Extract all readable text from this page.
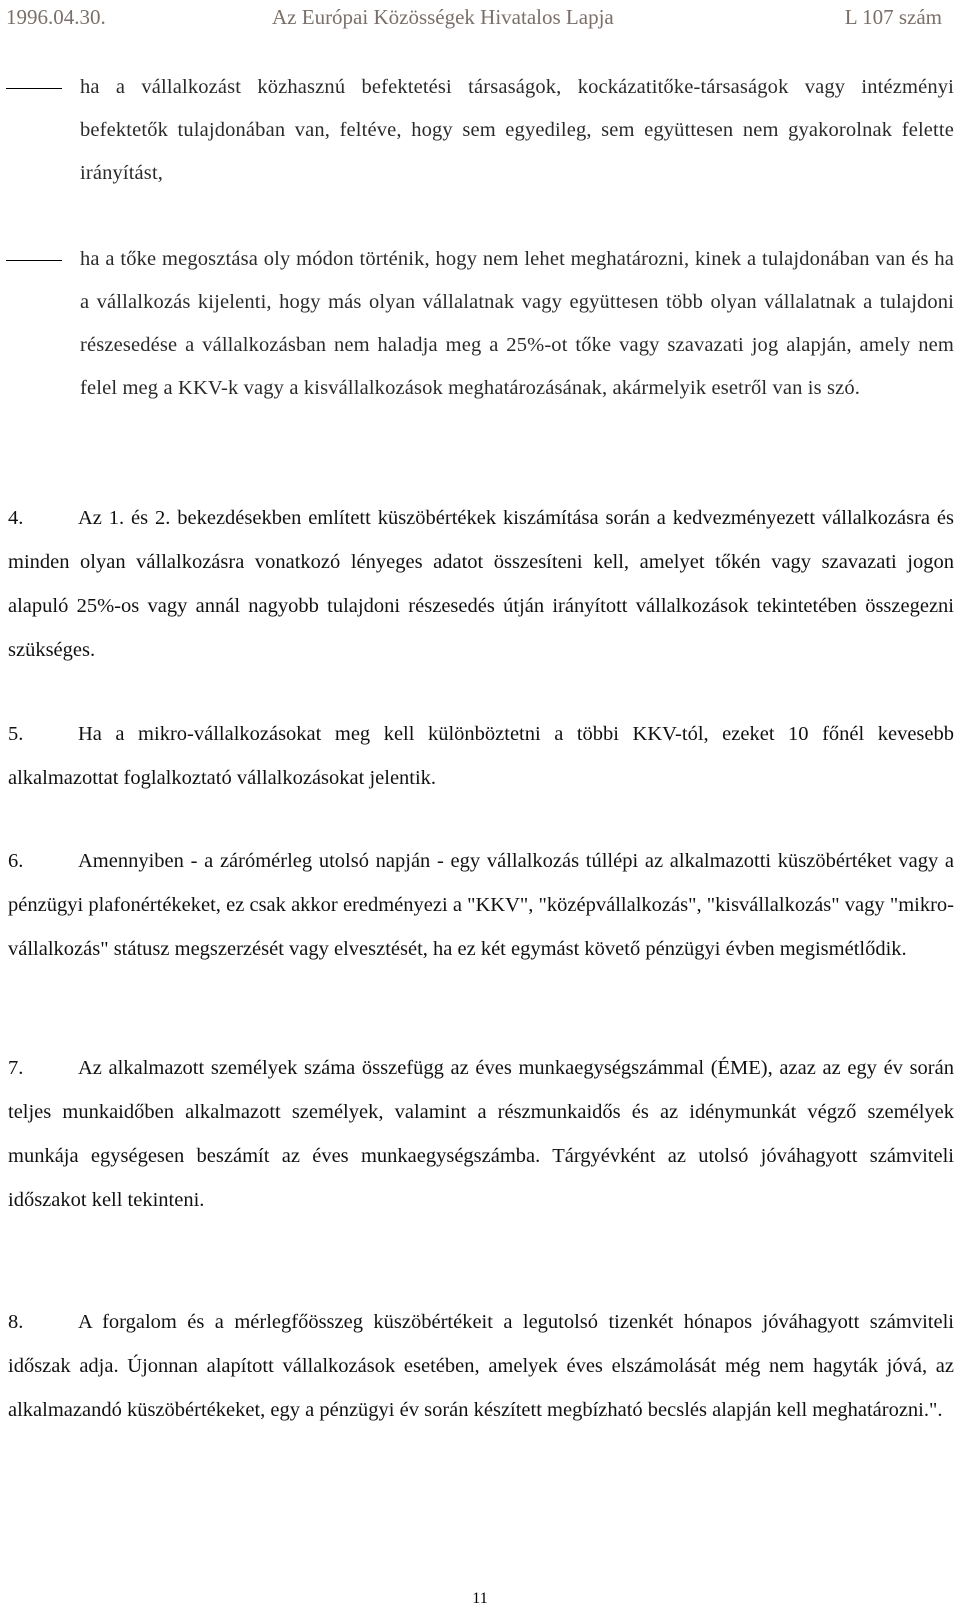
1996.04.30.	Az Európai Közösségek Hivatalos Lapja	L 107 szám
ha a vállalkozást közhasznú befektetési társaságok, kockázatitőke-társaságok vagy intézményi befektetők tulajdonában van, feltéve, hogy sem egyedileg, sem együttesen nem gyakorolnak felette irányítást,
ha a tőke megosztása oly módon történik, hogy nem lehet meghatározni, kinek a tulajdonában van és ha a vállalkozás kijelenti, hogy más olyan vállalatnak vagy együttesen több olyan vállalatnak a tulajdoni részesedése a vállalkozásban nem haladja meg a 25%-ot tőke vagy szavazati jog alapján, amely nem felel meg a KKV-k vagy a kisvállalkozások meghatározásának, akármelyik esetről van is szó.
4.	Az 1. és 2. bekezdésekben említett küszöbértékek kiszámítása során a kedvezményezett vállalkozásra és minden olyan vállalkozásra vonatkozó lényeges adatot összesíteni kell, amelyet tőkén vagy szavazati jogon alapuló 25%-os vagy annál nagyobb tulajdoni részesedés útján irányított vállalkozások tekintetében összegezni szükséges.
5.	Ha a mikro-vállalkozásokat meg kell különböztetni a többi KKV-tól, ezeket 10 főnél kevesebb alkalmazottat foglalkoztató vállalkozásokat jelentik.
6.	Amennyiben - a zárómérleg utolsó napján - egy vállalkozás túllépi az alkalmazotti küszöbértéket vagy a pénzügyi plafonértékeket, ez csak akkor eredményezi a "KKV", "középvállalkozás", "kisvállalkozás" vagy "mikro-vállalkozás" státusz megszerzését vagy elvesztését, ha ez két egymást követő pénzügyi évben megismétlődik.
7.	Az alkalmazott személyek száma összefügg az éves munkaegységszámmal (ÉME), azaz az egy év során teljes munkaidőben alkalmazott személyek, valamint a részmunkaidős és az idénymunkát végző személyek munkája egységesen beszámít az éves munkaegységszámba. Tárgyévként az utolsó jóváhagyott számviteli időszakot kell tekinteni.
8.	A forgalom és a mérlegfőösszeg küszöbértékeit a legutolsó tizenkét hónapos jóváhagyott számviteli időszak adja. Újonnan alapított vállalkozások esetében, amelyek éves elszámolását még nem hagyták jóvá, az alkalmazandó küszöbértékeket, egy a pénzügyi év során készített megbízható becslés alapján kell meghatározni.".
11
